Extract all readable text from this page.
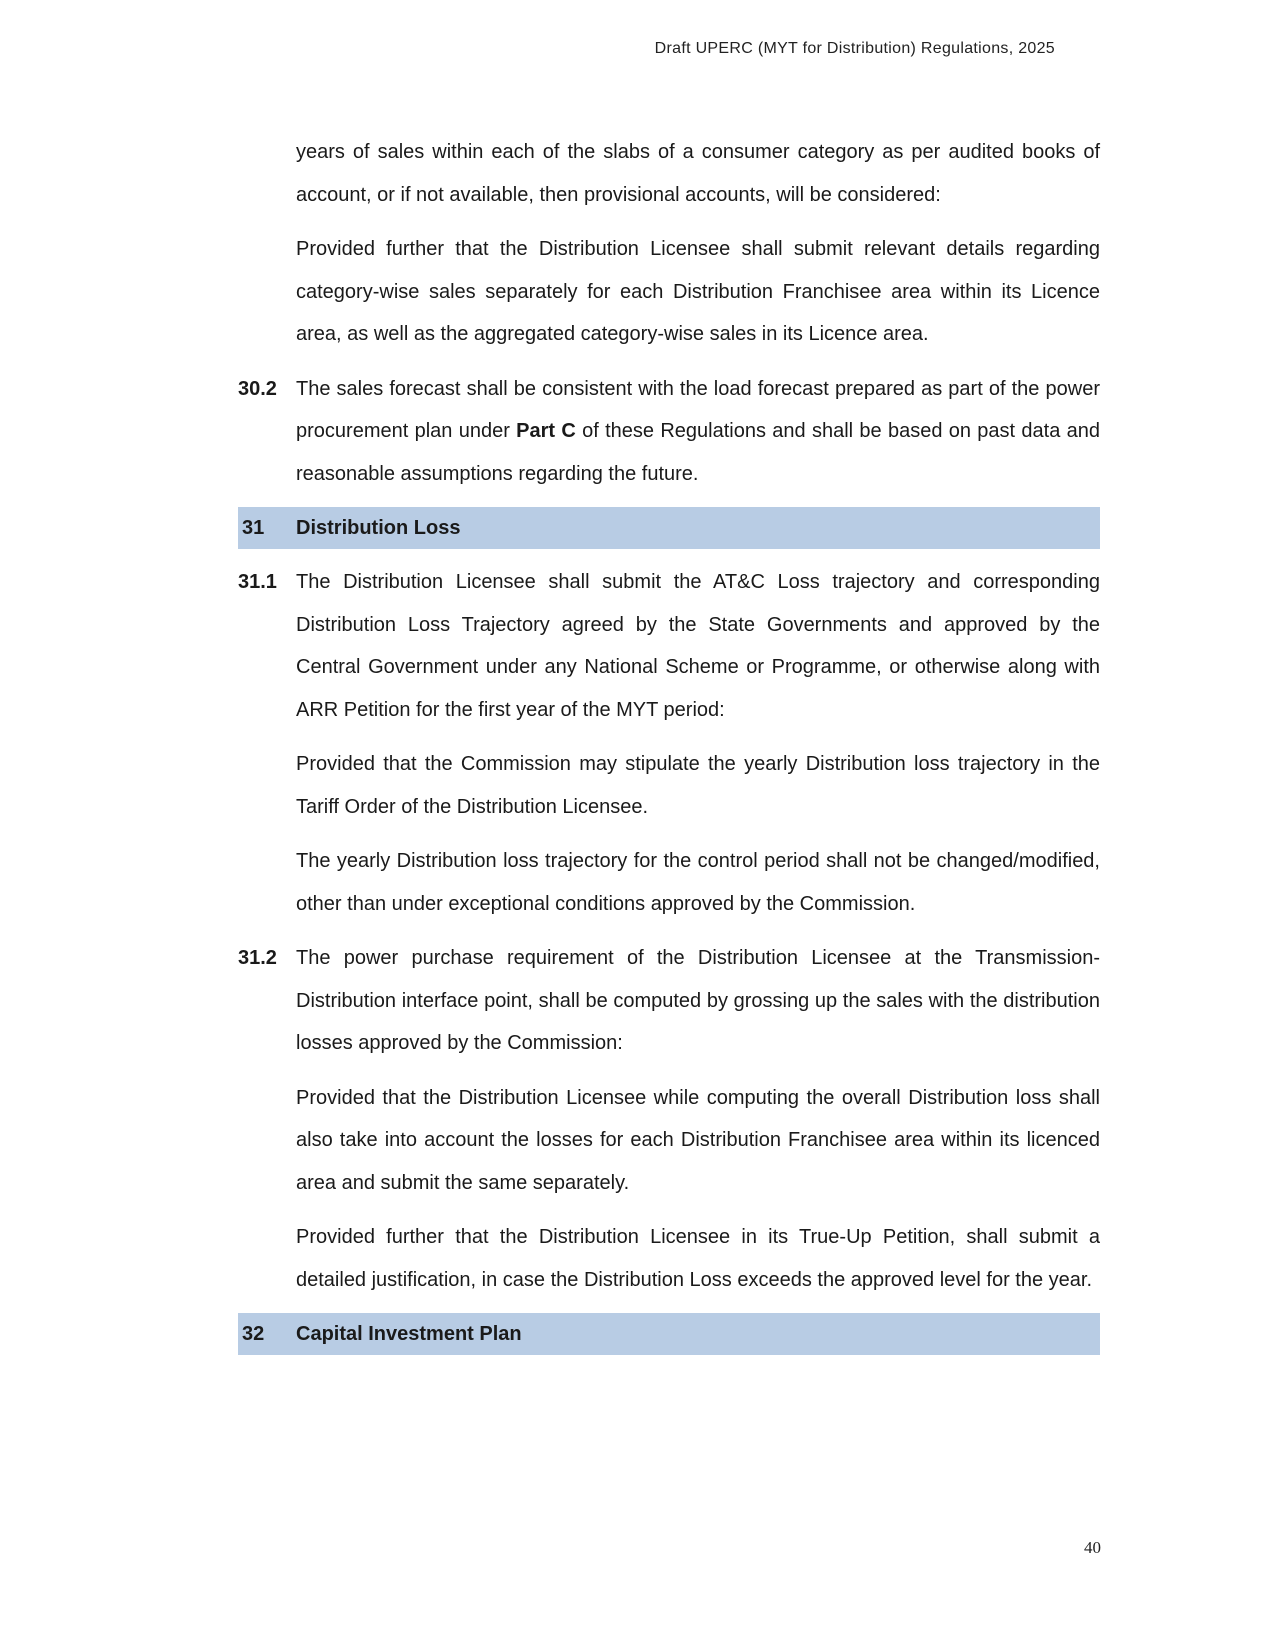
Draft UPERC (MYT for Distribution) Regulations, 2025
years of sales within each of the slabs of a consumer category as per audited books of account, or if not available, then provisional accounts, will be considered:
Provided further that the Distribution Licensee shall submit relevant details regarding category-wise sales separately for each Distribution Franchisee area within its Licence area, as well as the aggregated category-wise sales in its Licence area.
30.2 The sales forecast shall be consistent with the load forecast prepared as part of the power procurement plan under Part C of these Regulations and shall be based on past data and reasonable assumptions regarding the future.
31	Distribution Loss
31.1 The Distribution Licensee shall submit the AT&C Loss trajectory and corresponding Distribution Loss Trajectory agreed by the State Governments and approved by the Central Government under any National Scheme or Programme, or otherwise along with ARR Petition for the first year of the MYT period:
Provided that the Commission may stipulate the yearly Distribution loss trajectory in the Tariff Order of the Distribution Licensee.
The yearly Distribution loss trajectory for the control period shall not be changed/modified, other than under exceptional conditions approved by the Commission.
31.2 The power purchase requirement of the Distribution Licensee at the Transmission-Distribution interface point, shall be computed by grossing up the sales with the distribution losses approved by the Commission:
Provided that the Distribution Licensee while computing the overall Distribution loss shall also take into account the losses for each Distribution Franchisee area within its licenced area and submit the same separately.
Provided further that the Distribution Licensee in its True-Up Petition, shall submit a detailed justification, in case the Distribution Loss exceeds the approved level for the year.
32	Capital Investment Plan
40
